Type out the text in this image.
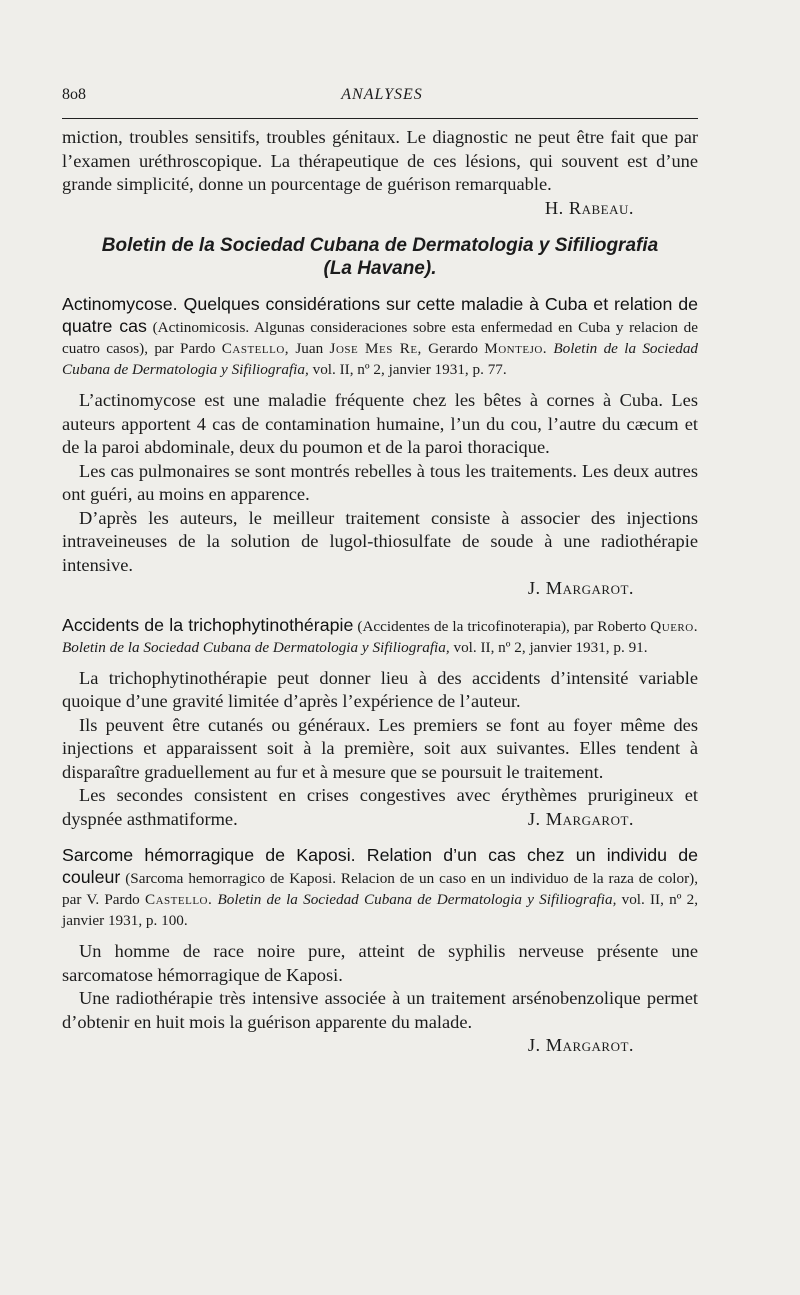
8o8	ANALYSES

miction, troubles sensitifs, troubles génitaux. Le diagnostic ne peut être fait que par l’examen uréthroscopique. La thérapeutique de ces lésions, qui souvent est d’une grande simplicité, donne un pourcentage de guérison remarquable.

H. Rabeau.

Boletin de la Sociedad Cubana de Dermatologia y Sifiliografia
(La Havane).
Actinomycose. Quelques considérations sur cette maladie à Cuba et relation de quatre cas (Actinomicosis. Algunas consideraciones sobre esta enfermedad en Cuba y relacion de cuatro casos), par Pardo Castello, Juan Jose Mes Re, Gerardo Montejo. Boletin de la Sociedad Cubana de Dermatologia y Sifiliografia, vol. II, nº 2, janvier 1931, p. 77.

L’actinomycose est une maladie fréquente chez les bêtes à cornes à Cuba. Les auteurs apportent 4 cas de contamination humaine, l’un du cou, l’autre du cæcum et de la paroi abdominale, deux du poumon et de la paroi thoracique.

Les cas pulmonaires se sont montrés rebelles à tous les traitements. Les deux autres ont guéri, au moins en apparence.

D’après les auteurs, le meilleur traitement consiste à associer des injections intraveineuses de la solution de lugol-thiosulfate de soude à une radiothérapie intensive.

J. Margarot.

Accidents de la trichophytinothérapie (Accidentes de la tricofinoterapia), par Roberto Quero. Boletin de la Sociedad Cubana de Dermatologia y Sifiliografia, vol. II, nº 2, janvier 1931, p. 91.

La trichophytinothérapie peut donner lieu à des accidents d’intensité variable quoique d’une gravité limitée d’après l’expérience de l’auteur.

Ils peuvent être cutanés ou généraux. Les premiers se font au foyer même des injections et apparaissent soit à la première, soit aux suivantes. Elles tendent à disparaître graduellement au fur et à mesure que se poursuit le traitement.

Les secondes consistent en crises congestives avec érythèmes prurigineux et dyspnée asthmatiforme.	J. Margarot.

Sarcome hémorragique de Kaposi. Relation d’un cas chez un individu de couleur (Sarcoma hemorragico de Kaposi. Relacion de un caso en un individuo de la raza de color), par V. Pardo Castello. Boletin de la Sociedad Cubana de Dermatologia y Sifiliografia, vol. II, nº 2, janvier 1931, p. 100.

Un homme de race noire pure, atteint de syphilis nerveuse présente une sarcomatose hémorragique de Kaposi.

Une radiothérapie très intensive associée à un traitement arsénobenzolique permet d’obtenir en huit mois la guérison apparente du malade.

J. Margarot.
